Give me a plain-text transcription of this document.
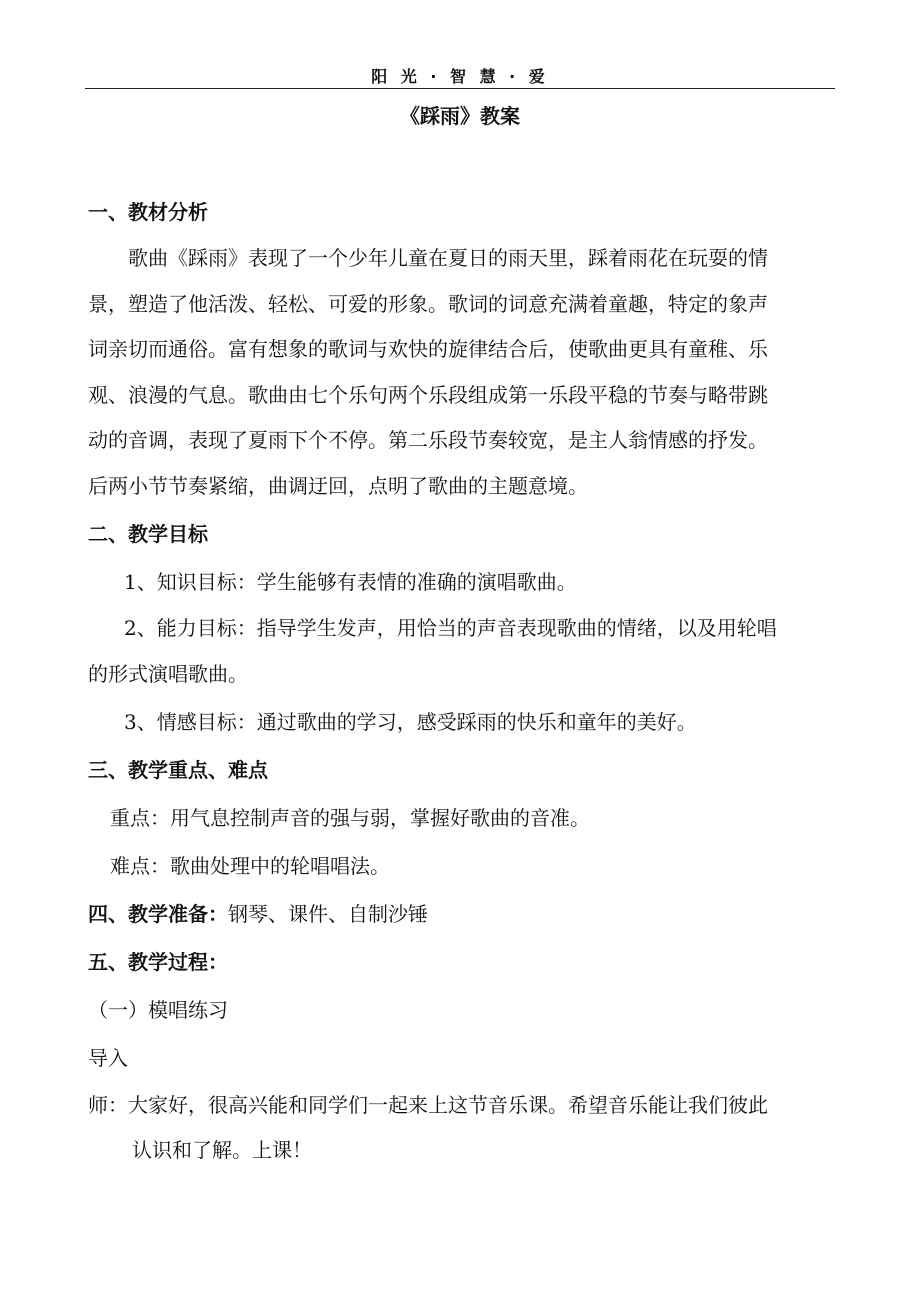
阳 光 · 智 慧 · 爱
《踩雨》教案
一、教材分析
歌曲《踩雨》表现了一个少年儿童在夏日的雨天里，踩着雨花在玩耍的情
景，塑造了他活泼、轻松、可爱的形象。歌词的词意充满着童趣，特定的象声
词亲切而通俗。富有想象的歌词与欢快的旋律结合后，使歌曲更具有童稚、乐
观、浪漫的气息。歌曲由七个乐句两个乐段组成第一乐段平稳的节奏与略带跳
动的音调，表现了夏雨下个不停。第二乐段节奏较宽，是主人翁情感的抒发。
后两小节节奏紧缩，曲调迂回，点明了歌曲的主题意境。
二、教学目标
1、知识目标：学生能够有表情的准确的演唱歌曲。
2、能力目标：指导学生发声，用恰当的声音表现歌曲的情绪，以及用轮唱
的形式演唱歌曲。
3、情感目标：通过歌曲的学习，感受踩雨的快乐和童年的美好。
三、教学重点、难点
重点：用气息控制声音的强与弱，掌握好歌曲的音准。
难点：歌曲处理中的轮唱唱法。
四、教学准备：钢琴、课件、自制沙锤
五、教学过程：
（一）模唱练习
导入
师：大家好，很高兴能和同学们一起来上这节音乐课。希望音乐能让我们彼此
认识和了解。上课！
